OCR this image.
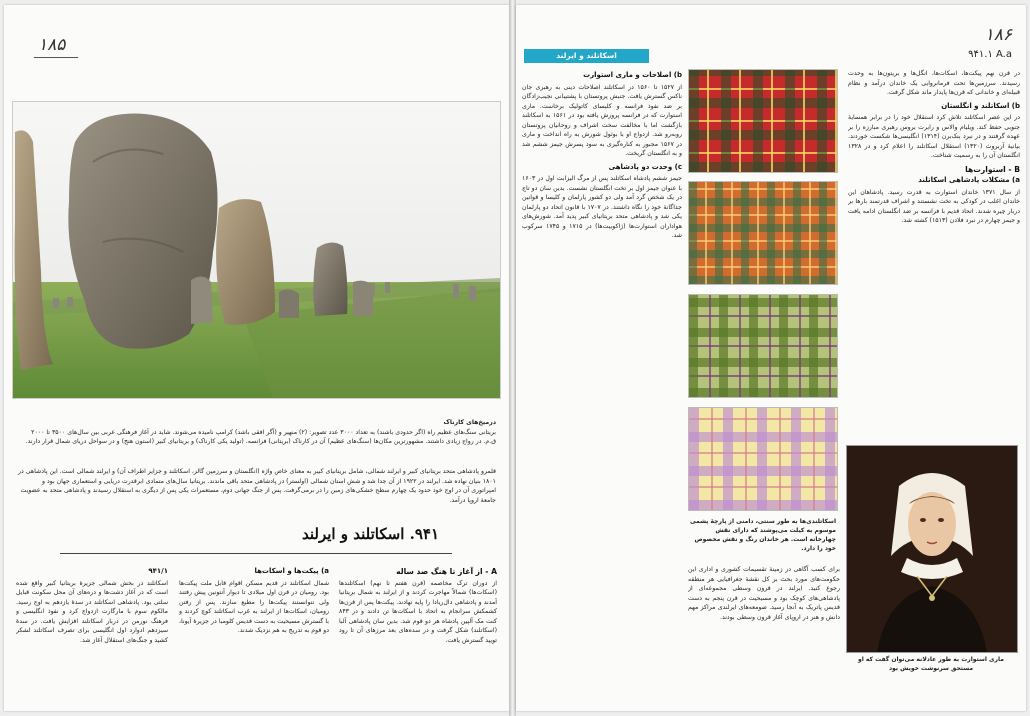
۱۸۵
درمیخ‌های کارناک
بریتانی سنگ‌های عظیم راه (اگر حدودی باشند) به تعداد ۳۰۰۰ عدد تصویر: (۲) منهیر و (آگر افقی باشد) کرامپ نامیده می‌شوند. شاید در آغاز فرهنگی عربی بین سال‌های ۳۵۰۰ تا ۲۰۰۰ ق.م. در رواج زیادی داشتند. مشهورترین مکان‌ها (سنگ‌های عظیم) آن در کارناک (بریتانی) فرانسه. (تولید یکی کارناک) و بریتانیای کبیر (استون هنج) و در سواحل دریای شمال قرار دارند.
قلمرو پادشاهی متحد بریتانیای کبیر و ایرلند شمالی، شامل بریتانیای کبیر به معنای خاص واژه (انگلستان و سرزمین گالز، اسکاتلند و جزایر اطراف آن) و ایرلند شمالی است. این پادشاهی در ۱۸۰۱ بنیان نهاده شد. ایرلند در ۱۹۲۲ از آن جدا شد و شش استان شمالی (اولستر) در پادشاهی متحد باقی ماندند. بریتانیا سال‌های متمادی ابرقدرت دریایی و استعماری جهان بود و امپراتوری آن در اوج خود حدود یک چهارم سطح خشکی‌های زمین را در برمی‌گرفت. پس از جنگ جهانی دوم، مستعمرات یکی پس از دیگری به استقلال رسیدند و پادشاهی متحد به عضویت جامعهٔ اروپا درآمد.
۹۴۱. اسکاتلند و ایرلند
A - از آغاز تا هنگ صد ساله

از دوران ترک مخاصمه (قرن هفتم تا نهم) اسکاتلندها (اسکات‌ها) شمالاً مهاجرت کردند و از ایرلند به شمال بریتانیا آمدند و پادشاهی دال‌ریادا را پایه نهادند. پیکت‌ها پس از قرن‌ها کشمکش سرانجام به اتحاد با اسکات‌ها تن دادند و در ۸۴۳ کنت مک آلپین پادشاه هر دو قوم شد. بدین سان پادشاهی آلبا (اسکاتلند) شکل گرفت و در سده‌های بعد مرزهای آن تا رود تویید گسترش یافت.

a) پیکت‌ها و اسکات‌ها

شمال اسکاتلند در قدیم مسکن اقوام قابل ملت پیکت‌ها بود. رومیان در قرن اول میلادی تا دیوار آنتونین پیش رفتند ولی نتوانستند پیکت‌ها را مطیع سازند. پس از رفتن رومیان، اسکات‌ها از ایرلند به غرب اسکاتلند کوچ کردند و با گسترش مسیحیت به دست قدیس کلومبا در جزیرهٔ آیونا، دو قوم به تدریج به هم نزدیک شدند.

۹۴۱/۱

اسکاتلند در بخش شمالی جزیرهٔ بریتانیا کبیر واقع شده است که در آغاز دشت‌ها و دره‌های آن محل سکونت قبایل سلتی بود. پادشاهی اسکاتلند در سدهٔ یازدهم به اوج رسید. مالکوم سوم با مارگارت ازدواج کرد و نفوذ انگلیسی و فرهنگ نورمن در دربار اسکاتلند افزایش یافت. در سدهٔ سیزدهم ادوارد اول انگلیسی برای تصرف اسکاتلند لشکر کشید و جنگ‌های استقلال آغاز شد.

۱۸۶
۹۴۱.۱ A.a
اسکاتلند و ایرلند
b) اصلاحات و ماری استوارت

از ۱۵۲۷ تا ۱۵۶۰ در اسکاتلند اصلاحات دینی به رهبری جان ناکس گسترش یافت. جنبش پروتستان با پشتیبانی نجیب‌زادگان بر ضد نفوذ فرانسه و کلیسای کاتولیک برخاست. ماری استوارت که در فرانسه پرورش یافته بود در ۱۵۶۱ به اسکاتلند بازگشت اما با مخالفت سخت اشراف و روحانیان پروتستان روبه‌رو شد. ازدواج او با بوثول شورش به راه انداخت و ماری در ۱۵۶۷ مجبور به کناره‌گیری به سود پسرش جیمز ششم شد و به انگلستان گریخت.

c) وحدت دو پادشاهی

جیمز ششم پادشاه اسکاتلند پس از مرگ الیزابت اول در ۱۶۰۳ با عنوان جیمز اول بر تخت انگلستان نشست. بدین سان دو تاج در یک شخص گرد آمد ولی دو کشور پارلمان و کلیسا و قوانین جداگانهٔ خود را نگاه داشتند. در ۱۷۰۷ با قانون اتحاد دو پارلمان یکی شد و پادشاهی متحد بریتانیای کبیر پدید آمد. شورش‌های هواداران استوارت‌ها (ژاکوبیت‌ها) در ۱۷۱۵ و ۱۷۴۵ سرکوب شد.

اسکاتلندی‌ها به طور سنتی، دامنی از پارچهٔ پشمی موسوم به کیلت می‌پوشند که دارای نقش چهارخانه است. هر خاندان رنگ و نقش مخصوص خود را دارد.

برای کسب آگاهی در زمینهٔ تقسیمات کشوری و اداری این حکومت‌های مورد بحث بر کل نقشهٔ جغرافیایی هر منطقه رجوع کنید. ایرلند در قرون وسطی مجموعه‌ای از پادشاهی‌های کوچک بود و مسیحیت در قرن پنجم به دست قدیس پاتریک به آنجا رسید. صومعه‌های ایرلندی مراکز مهم دانش و هنر در اروپای آغاز قرون وسطی بودند.

در قرن نهم پیکت‌ها، اسکات‌ها، انگل‌ها و بریتون‌ها به وحدت رسیدند. سرزمین‌ها تحت فرمانروایی یک خاندان درآمد و نظام قبیله‌ای و خاندانی که قرن‌ها پایدار ماند شکل گرفت.

b) اسکاتلند و انگلستان

در این عصر اسکاتلند تلاش کرد استقلال خود را در برابر همسایهٔ جنوبی حفظ کند. ویلیام والاس و رابرت بروس رهبری مبارزه را بر عهده گرفتند و در نبرد بنک‌برن (۱۳۱۴) انگلیسی‌ها شکست خوردند. بیانیهٔ آربروث (۱۳۲۰) استقلال اسکاتلند را اعلام کرد و در ۱۳۲۸ انگلستان آن را به رسمیت شناخت.

B - استوارت‌ها
a) مشکلات پادشاهی اسکاتلند

از سال ۱۳۷۱ خاندان استوارت به قدرت رسید. پادشاهان این خاندان اغلب در کودکی به تخت نشستند و اشراف قدرتمند بارها بر دربار چیره شدند. اتحاد قدیم با فرانسه بر ضد انگلستان ادامه یافت و جیمز چهارم در نبرد فلادن (۱۵۱۳) کشته شد.

ماری استوارت به طور عادلانه می‌توان گفت که او مستحق سرنوشت خویش بود
